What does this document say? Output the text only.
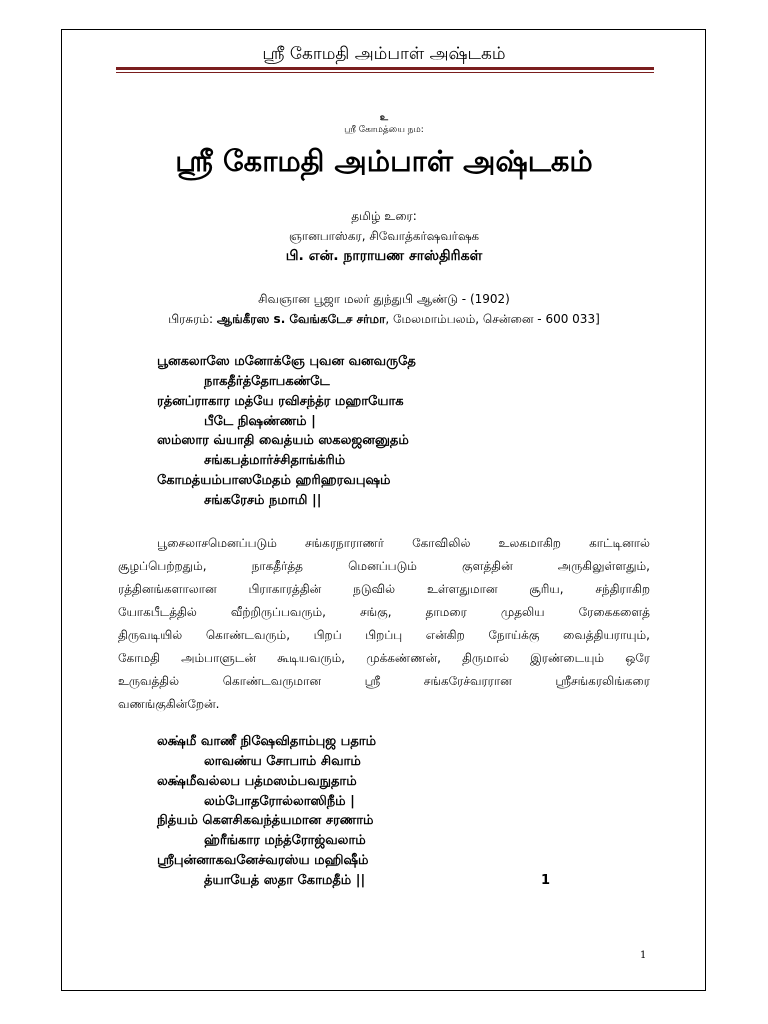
ஸ்ரீ கோமதி அம்பாள் அஷ்டகம்
உ
ஸ்ரீ கோமத்யை நம:
ஸ்ரீ கோமதி அம்பாள் அஷ்டகம்
தமிழ் உரை:
ஞானபாஸ்கர, சிவோத்கர்ஷவர்ஷக
பி. என். நாராயண சாஸ்திரிகள்
சிவஞான பூஜா மலர் துந்துபி ஆண்டு - (1902)
பிரசுரம்: ஆங்கீரஸ s. வேங்கடேச சர்மா, மேலமாம்பலம், சென்னை - 600 033]
பூனகலாஸே மனோக்ஞே புவன வனவருதே
நாகதீர்த்தோபகண்டே
ரத்னப்ராகார மத்யே ரவிசந்த்ர மஹாயோக
பீடே நிஷண்ணம் |
ஸம்ஸார வ்யாதி வைத்யம் ஸகலஜனனுதம்
சங்கபத்மார்ச்சிதாங்க்ரிம்
கோமத்யம்பாஸமேதம் ஹரிஹரவபுஷம்
சங்கரேசம் நமாமி ||
பூசைலாசமெனப்படும் சங்கரநாராணர் கோவிலில் உலகமாகிற காட்டினால்
சூழப்பெற்றதும், நாகதீர்த்த மெனப்படும் குளத்தின் அருகிலுள்ளதும்,
ரத்தினங்களாலான பிராகாரத்தின் நடுவில் உள்ளதுமான சூரிய, சந்திராகிற
யோகபீடத்தில் வீற்றிருப்பவரும், சங்கு, தாமரை முதலிய ரேகைகளைத்
திருவடியில் கொண்டவரும், பிறப் பிறப்பு என்கிற நோய்க்கு வைத்தியராயும்,
கோமதி அம்பாளுடன் கூடியவரும், முக்கண்ணன், திருமால் இரண்டையும் ஒரே
உருவத்தில் கொண்டவருமான ஸ்ரீ சங்கரேச்வரரான ஸ்ரீசங்கரலிங்கரை
வணங்குகின்றேன்.
லக்ஷ்மீ வாணீ நிஷேவிதாம்புஜ பதாம்
லாவண்ய சோபாம் சிவாம்
லக்ஷ்மீவல்லப பத்மஸம்பவநுதாம்
லம்போதரோல்லாஸிநீம் |
நித்யம் கௌசிகவந்த்யமான சரணாம்
ஹ்ரீங்கார மந்த்ரோஜ்வலாம்
ஸ்ரீபுன்னாகவனேச்வரஸ்ய மஹிஷீம்
த்யாயேத் ஸதா கோமதீம் ||	1
1
